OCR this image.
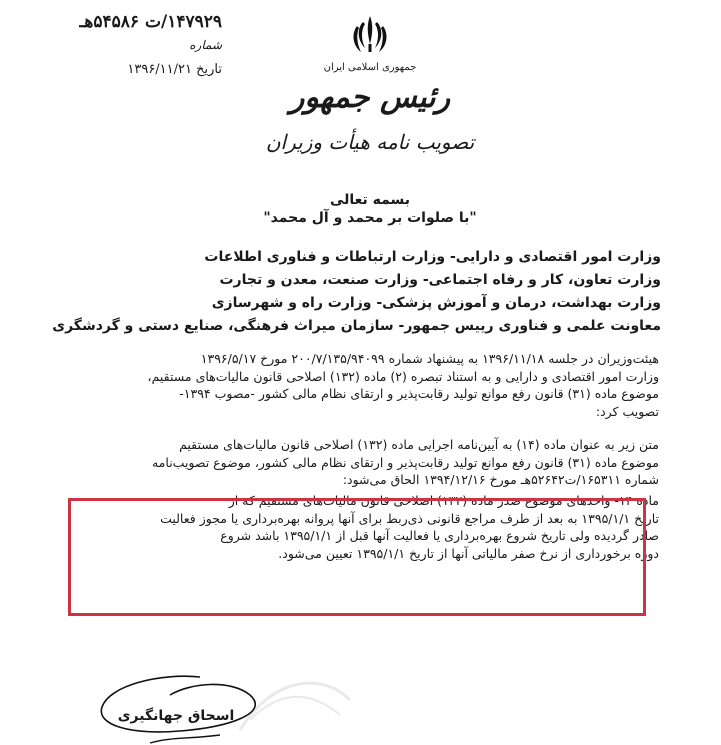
۱۴۷۹۲۹/ت ۵۴۵۸۶هـ
شماره
تاریخ ۱۳۹۶/۱۱/۲۱	جمهوری اسلامی ایران
رئیس جمهور
تصویب نامه هیأت وزیران
بسمه تعالی
"با صلوات بر محمد و آل محمد"
وزارت امور اقتصادی و دارایی- وزارت ارتباطات و فناوری اطلاعات
وزارت تعاون، کار و رفاه اجتماعی- وزارت صنعت، معدن و تجارت
وزارت بهداشت، درمان و آموزش پزشکی- وزارت راه و شهرسازی
معاونت علمی و فناوری رییس جمهور- سازمان میراث فرهنگی، صنایع دستی و گردشگری
هیئت‌وزیران در جلسه ۱۳۹۶/۱۱/۱۸ به پیشنهاد شماره ۲۰۰/۷/۱۳۵/۹۴۰۹۹ مورخ ۱۳۹۶/۵/۱۷
وزارت امور اقتصادی و دارایی و به استناد تبصره (۲) ماده (۱۳۲) اصلاحی قانون مالیات‌های مستقیم،
موضوع ماده (۳۱) قانون رفع موانع تولید رقابت‌پذیر و ارتقای نظام مالی کشور -مصوب ۱۳۹۴-
تصویب کرد:
متن زیر به عنوان ماده (۱۴) به آیین‌نامه اجرایی ماده (۱۳۲) اصلاحی قانون مالیات‌های مستقیم
موضوع ماده (۳۱) قانون رفع موانع تولید رقابت‌پذیر و ارتقای نظام مالی کشور، موضوع تصویب‌نامه
شماره ۱۶۵۳۱۱/ت۵۲۶۴۲هـ مورخ ۱۳۹۴/۱۲/۱۶ الحاق می‌شود:
ماده ۱۴- واحدهای موضوع صدر ماده (۱۳۲) اصلاحی قانون مالیات‌های مستقیم که از
تاریخ ۱۳۹۵/۱/۱ به بعد از طرف مراجع قانونی ذی‌ربط برای آنها پروانه بهره‌برداری یا مجوز فعالیت
صادر گردیده ولی تاریخ شروع بهره‌برداری یا فعالیت آنها قبل از ۱۳۹۵/۱/۱ باشد شروع
دوره برخورداری از نرخ صفر مالیاتی آنها از تاریخ ۱۳۹۵/۱/۱ تعیین می‌شود.
اسحاق جهانگیری
